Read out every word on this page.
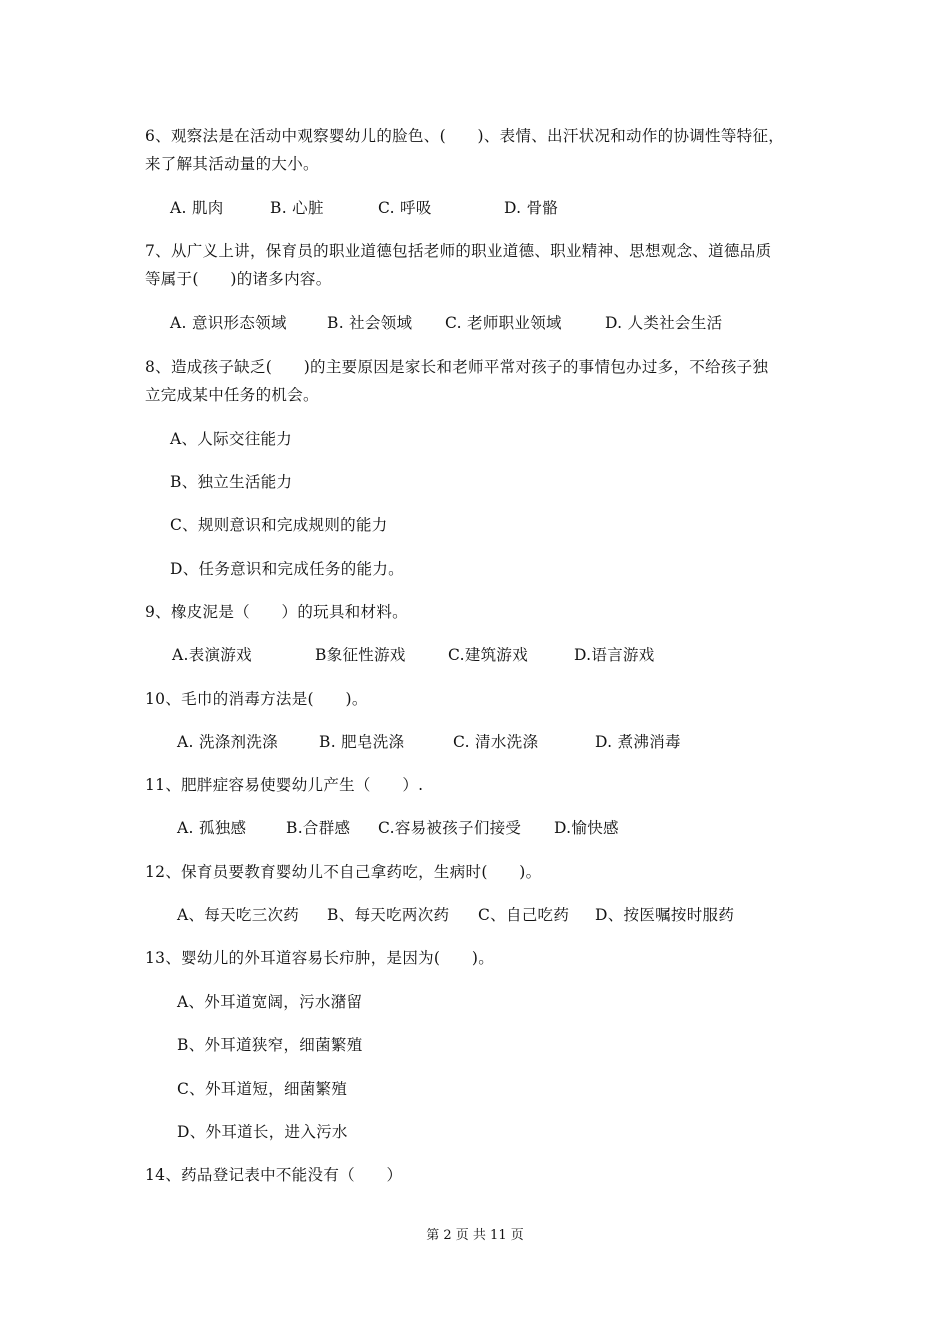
6、观察法是在活动中观察婴幼儿的脸色、(　　)、表情、出汗状况和动作的协调性等特征，
来了解其活动量的大小。
A. 肌肉	B. 心脏	C. 呼吸	D. 骨骼
7、从广义上讲，保育员的职业道德包括老师的职业道德、职业精神、思想观念、道德品质
等属于(　　)的诸多内容。
A. 意识形态领域	B. 社会领域 C. 老师职业领域	D. 人类社会生活
8、造成孩子缺乏(　　)的主要原因是家长和老师平常对孩子的事情包办过多，不给孩子独
立完成某中任务的机会。
A、人际交往能力
B、独立生活能力
C、规则意识和完成规则的能力
D、任务意识和完成任务的能力。
9、橡皮泥是（　　）的玩具和材料。
A.表演游戏	B象征性游戏	C.建筑游戏	D.语言游戏
10、毛巾的消毒方法是(　　)。
A. 洗涤剂洗涤	B. 肥皂洗涤	C. 清水洗涤	D. 煮沸消毒
11、肥胖症容易使婴幼儿产生（　　）.
A. 孤独感	B.合群感 C.容易被孩子们接受 D.愉快感
12、保育员要教育婴幼儿不自己拿药吃，生病时(　　)。
A、每天吃三次药 B、每天吃两次药 C、自己吃药 D、按医嘱按时服药
13、婴幼儿的外耳道容易长疖肿，是因为(　　)。
A、外耳道宽阔，污水潴留
B、外耳道狭窄，细菌繁殖
C、外耳道短，细菌繁殖
D、外耳道长，进入污水
14、药品登记表中不能没有（　　）
第 2 页 共 11 页
